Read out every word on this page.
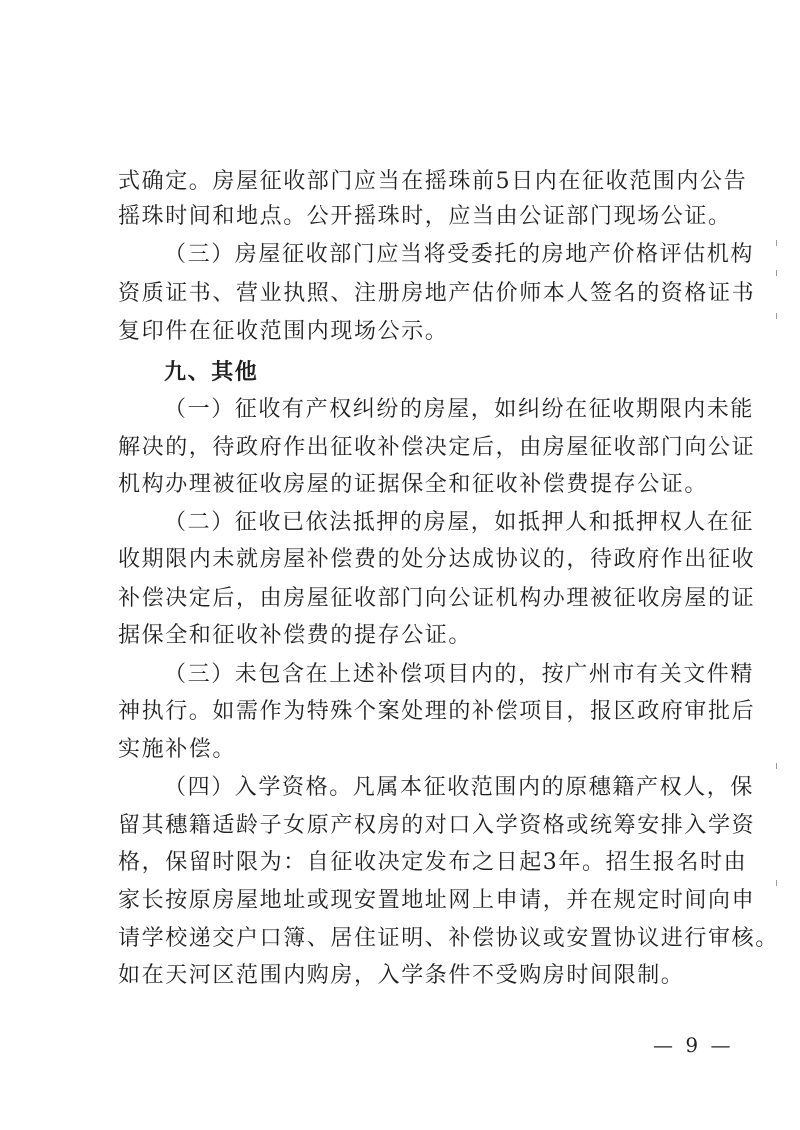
式确定。房屋征收部门应当在摇珠前5日内在征收范围内公告
摇珠时间和地点。公开摇珠时，应当由公证部门现场公证。
（三）房屋征收部门应当将受委托的房地产价格评估机构
资质证书、营业执照、注册房地产估价师本人签名的资格证书
复印件在征收范围内现场公示。
九、其他
（一）征收有产权纠纷的房屋，如纠纷在征收期限内未能
解决的，待政府作出征收补偿决定后，由房屋征收部门向公证
机构办理被征收房屋的证据保全和征收补偿费提存公证。
（二）征收已依法抵押的房屋，如抵押人和抵押权人在征
收期限内未就房屋补偿费的处分达成协议的，待政府作出征收
补偿决定后，由房屋征收部门向公证机构办理被征收房屋的证
据保全和征收补偿费的提存公证。
（三）未包含在上述补偿项目内的，按广州市有关文件精
神执行。如需作为特殊个案处理的补偿项目，报区政府审批后
实施补偿。
（四）入学资格。凡属本征收范围内的原穗籍产权人，保
留其穗籍适龄子女原产权房的对口入学资格或统筹安排入学资
格，保留时限为：自征收决定发布之日起3年。招生报名时由
家长按原房屋地址或现安置地址网上申请，并在规定时间向申
请学校递交户口簿、居住证明、补偿协议或安置协议进行审核。
如在天河区范围内购房，入学条件不受购房时间限制。
— 9 —
